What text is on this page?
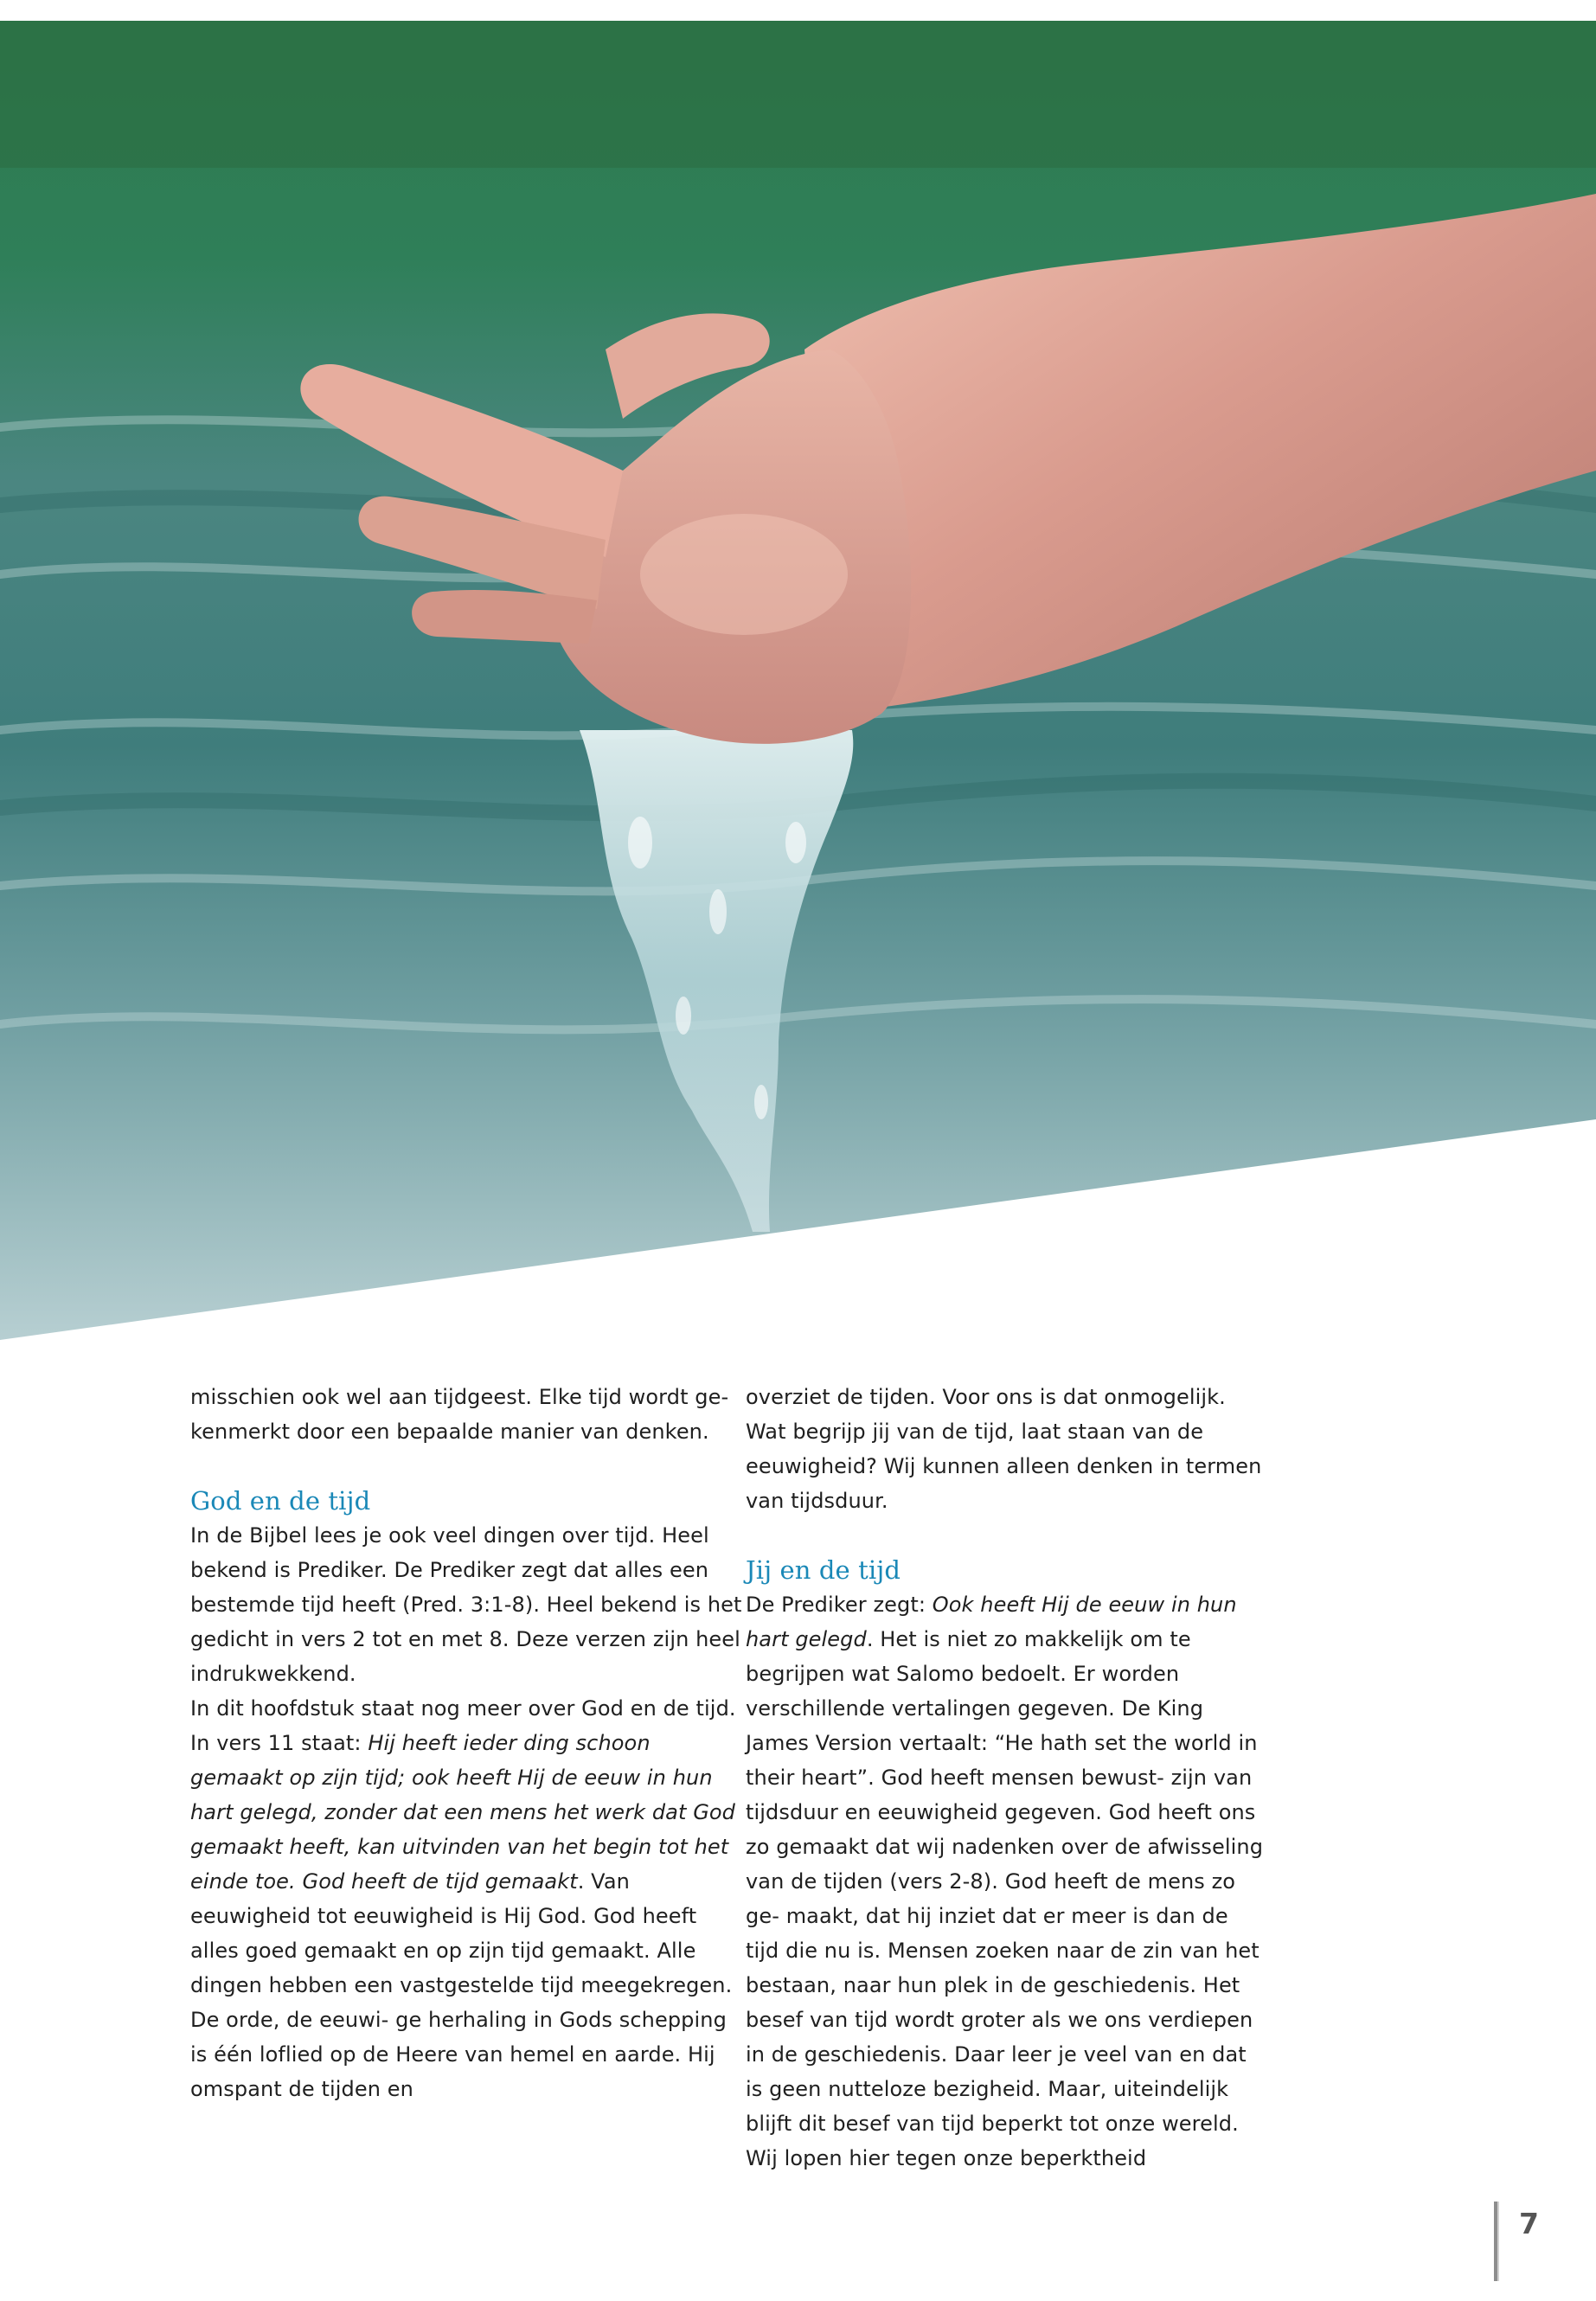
misschien ook wel aan tijdgeest. Elke tijd wordt ge- kenmerkt door een bepaalde manier van denken.

God en de tijd

In de Bijbel lees je ook veel dingen over tijd. Heel bekend is Prediker. De Prediker zegt dat alles een bestemde tijd heeft (Pred. 3:1-8). Heel bekend is het gedicht in vers 2 tot en met 8. Deze verzen zijn heel indrukwekkend.

In dit hoofdstuk staat nog meer over God en de tijd. In vers 11 staat: Hij heeft ieder ding schoon gemaakt op zijn tijd; ook heeft Hij de eeuw in hun hart gelegd, zonder dat een mens het werk dat God gemaakt heeft, kan uitvinden van het begin tot het einde toe. God heeft de tijd gemaakt. Van eeuwigheid tot eeuwigheid is Hij God. God heeft alles goed gemaakt en op zijn tijd gemaakt. Alle dingen hebben een vastgestelde tijd meegekregen. De orde, de eeuwi- ge herhaling in Gods schepping is één loflied op de Heere van hemel en aarde. Hij omspant de tijden en

overziet de tijden. Voor ons is dat onmogelijk. Wat begrijp jij van de tijd, laat staan van de eeuwigheid? Wij kunnen alleen denken in termen van tijdsduur.

Jij en de tijd

De Prediker zegt: Ook heeft Hij de eeuw in hun hart gelegd. Het is niet zo makkelijk om te begrijpen wat Salomo bedoelt. Er worden verschillende vertalingen gegeven. De King James Version vertaalt: “He hath set the world in their heart”. God heeft mensen bewust- zijn van tijdsduur en eeuwigheid gegeven. God heeft ons zo gemaakt dat wij nadenken over de afwisseling van de tijden (vers 2-8). God heeft de mens zo ge- maakt, dat hij inziet dat er meer is dan de tijd die nu is. Mensen zoeken naar de zin van het bestaan, naar hun plek in de geschiedenis. Het besef van tijd wordt groter als we ons verdiepen in de geschiedenis. Daar leer je veel van en dat is geen nutteloze bezigheid. Maar, uiteindelijk blijft dit besef van tijd beperkt tot onze wereld. Wij lopen hier tegen onze beperktheid

7
